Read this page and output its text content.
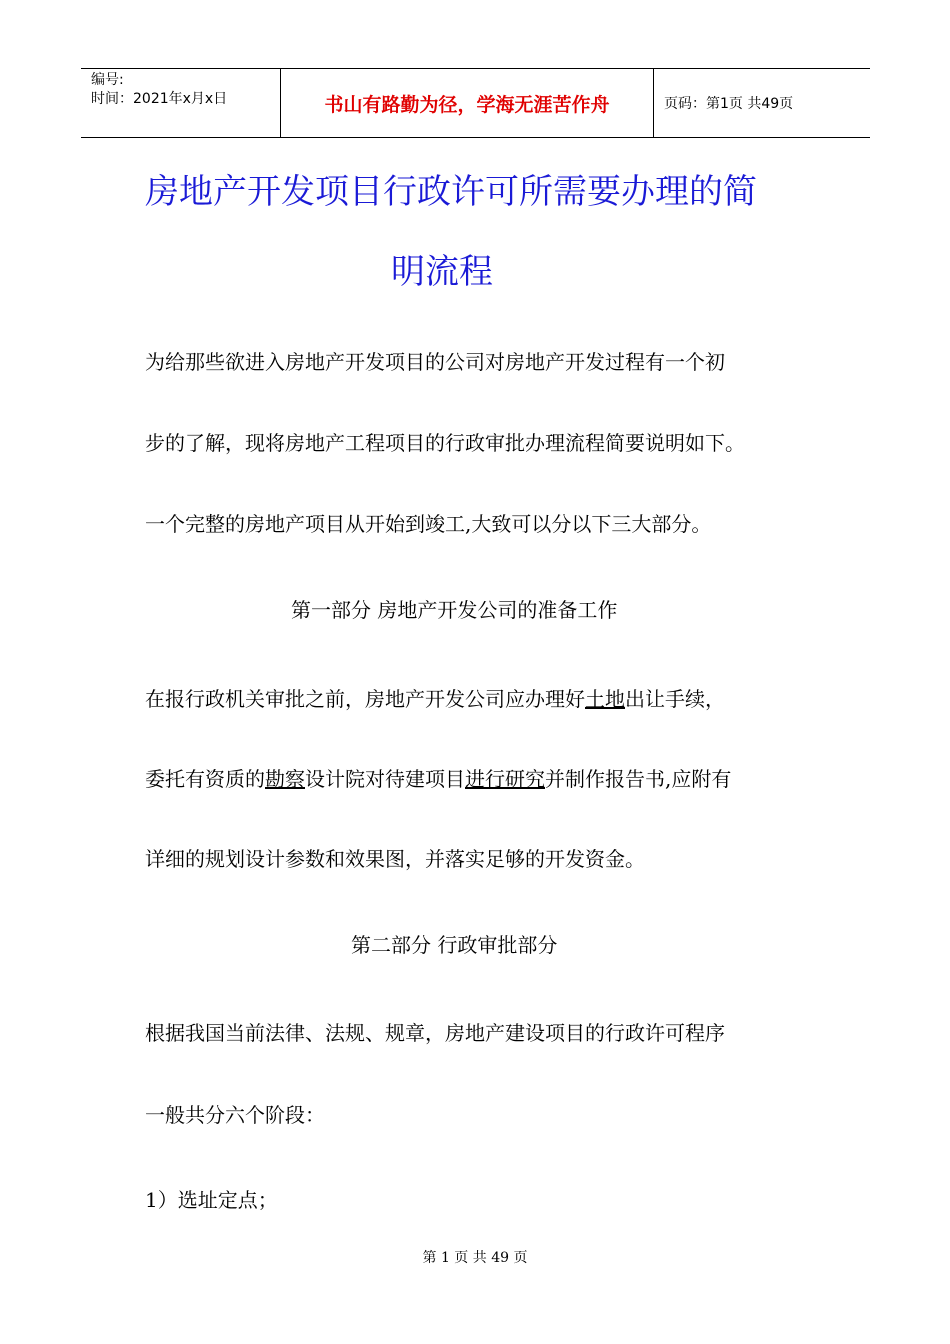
编号:
时间：2021年x月x日	书山有路勤为径，学海无涯苦作舟	页码：第1页 共49页
房地产开发项目行政许可所需要办理的简
明流程
为给那些欲进入房地产开发项目的公司对房地产开发过程有一个初
步的了解，现将房地产工程项目的行政审批办理流程简要说明如下。
一个完整的房地产项目从开始到竣工,大致可以分以下三大部分。
第一部分 房地产开发公司的准备工作
在报行政机关审批之前，房地产开发公司应办理好土地出让手续，
委托有资质的勘察设计院对待建项目进行研究并制作报告书,应附有
详细的规划设计参数和效果图，并落实足够的开发资金。
第二部分 行政审批部分
根据我国当前法律、法规、规章，房地产建设项目的行政许可程序
一般共分六个阶段：
1）选址定点；
第 1 页 共 49 页
